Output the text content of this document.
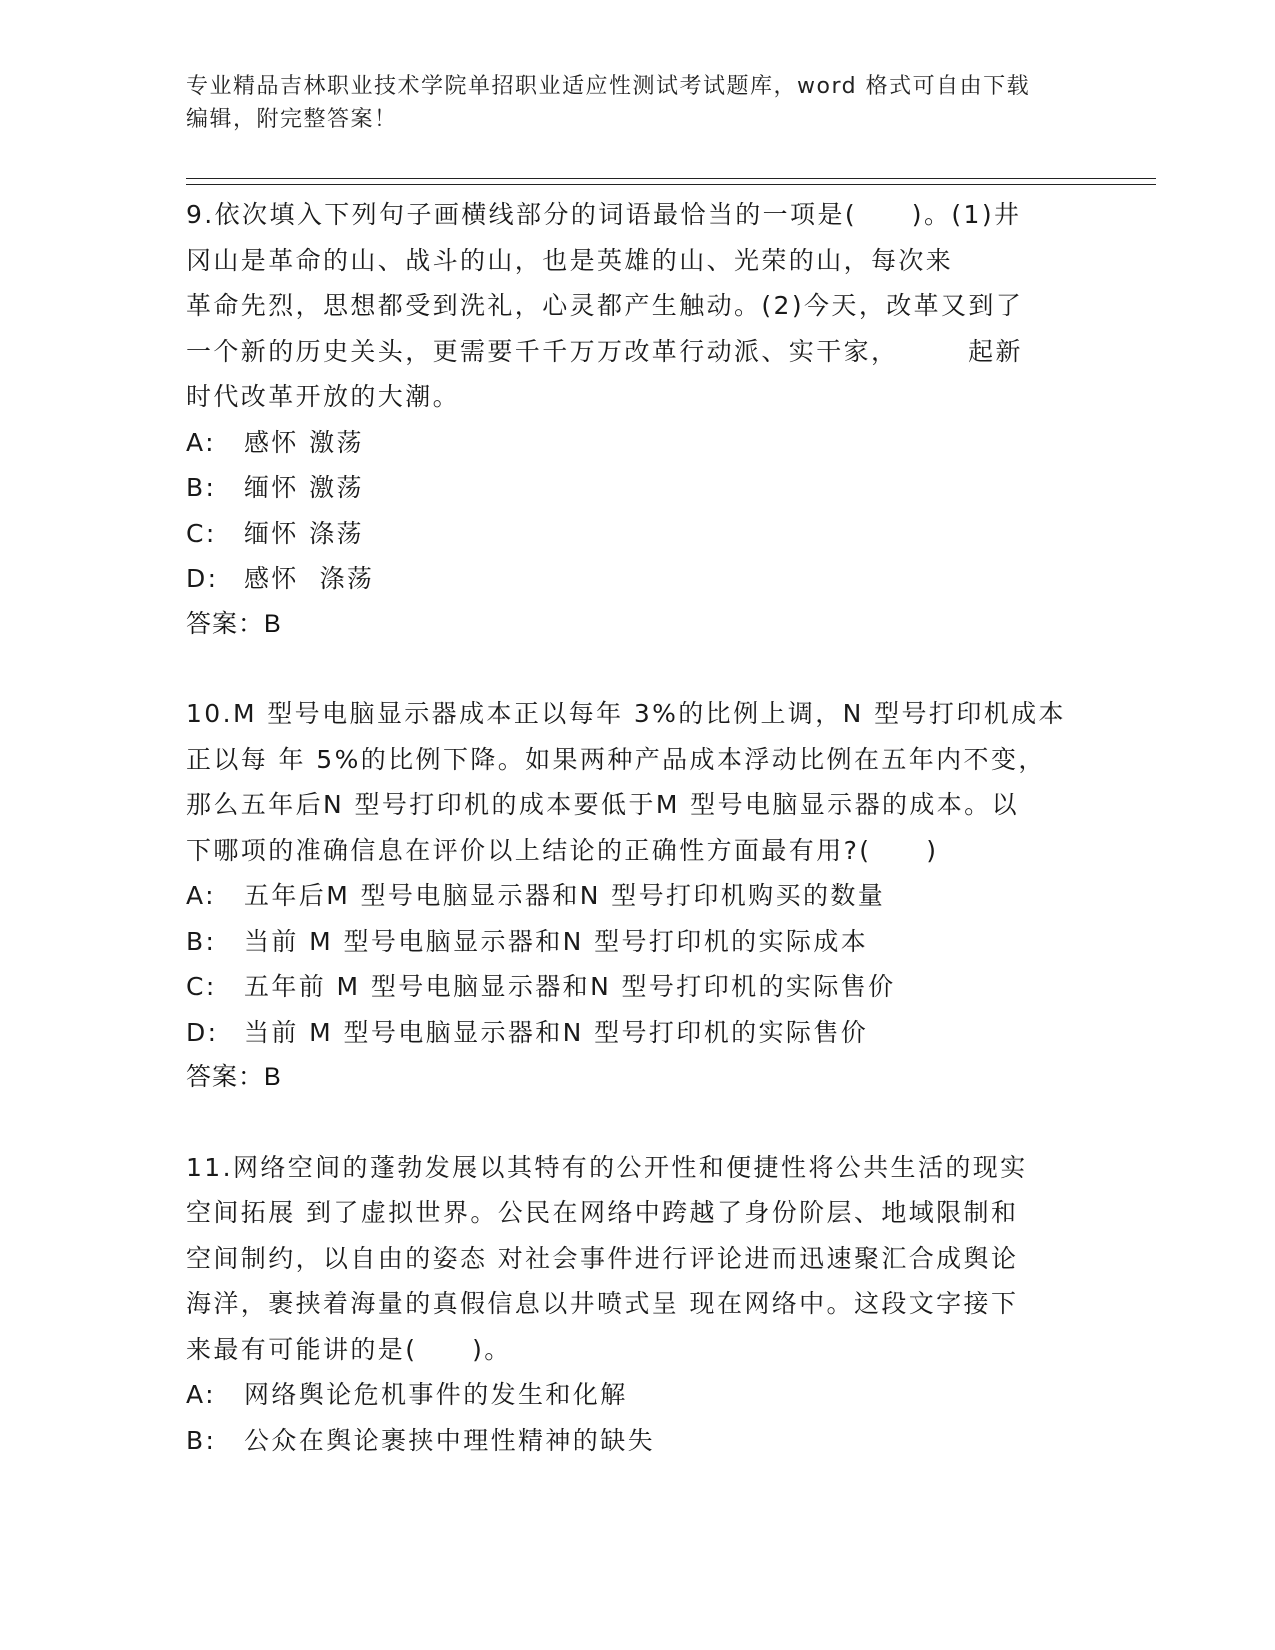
专业精品吉林职业技术学院单招职业适应性测试考试题库，word 格式可自由下载
编辑，附完整答案！
9.依次填入下列句子画横线部分的词语最恰当的一项是(　　)。(1)井
冈山是革命的山、战斗的山，也是英雄的山、光荣的山，每次来
革命先烈，思想都受到洗礼，心灵都产生触动。(2)今天，改革又到了
一个新的历史关头，更需要千千万万改革行动派、实干家，　　　起新
时代改革开放的大潮。
A:	感怀 激荡
B:	缅怀 激荡
C:	缅怀 涤荡
D:	感怀  涤荡
答案：B
10.M 型号电脑显示器成本正以每年 3%的比例上调，N 型号打印机成本
正以每 年 5%的比例下降。如果两种产品成本浮动比例在五年内不变，
那么五年后N 型号打印机的成本要低于M 型号电脑显示器的成本。以
下哪项的准确信息在评价以上结论的正确性方面最有用?(　　)
A:	五年后M 型号电脑显示器和N 型号打印机购买的数量
B:	当前 M 型号电脑显示器和N 型号打印机的实际成本
C:	五年前 M 型号电脑显示器和N 型号打印机的实际售价
D:	当前 M 型号电脑显示器和N 型号打印机的实际售价
答案：B
11.网络空间的蓬勃发展以其特有的公开性和便捷性将公共生活的现实
空间拓展 到了虚拟世界。公民在网络中跨越了身份阶层、地域限制和
空间制约，以自由的姿态 对社会事件进行评论进而迅速聚汇合成舆论
海洋，裹挟着海量的真假信息以井喷式呈 现在网络中。这段文字接下
来最有可能讲的是(　　)。
A:	网络舆论危机事件的发生和化解
B:	公众在舆论裹挟中理性精神的缺失
